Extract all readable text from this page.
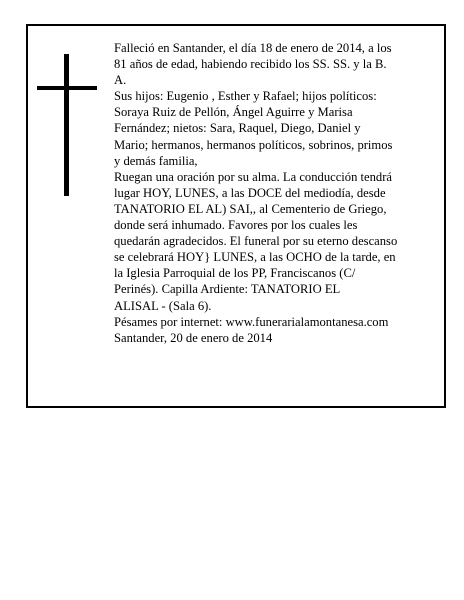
Falleció en Santander, el día 18 de enero de 2014, a los
81 años de edad, habiendo recibido los SS. SS. y la B.
A.
Sus hijos: Eugenio , Esther y Rafael; hijos políticos:
Soraya Ruiz de Pellón, Ángel Aguirre y Marisa
Fernández; nietos: Sara, Raquel, Diego, Daniel y
Mario; hermanos, hermanos políticos, sobrinos, primos
y demás familia,
Ruegan una oración por su alma. La conducción tendrá
lugar HOY, LUNES, a las DOCE del mediodía, desde
TANATORIO EL AL) SAI,, al Cementerio de Griego,
donde será inhumado. Favores por los cuales les
quedarán agradecidos. El funeral por su eterno descanso
se celebrará HOY} LUNES, a las OCHO de la tarde, en
la Iglesia Parroquial de los PP, Franciscanos (C/
Perinés). Capilla Ardiente: TANATORIO EL
ALISAL - (Sala 6).
Pésames por internet: www.funerarialamontanesa.com
Santander, 20 de enero de 2014
